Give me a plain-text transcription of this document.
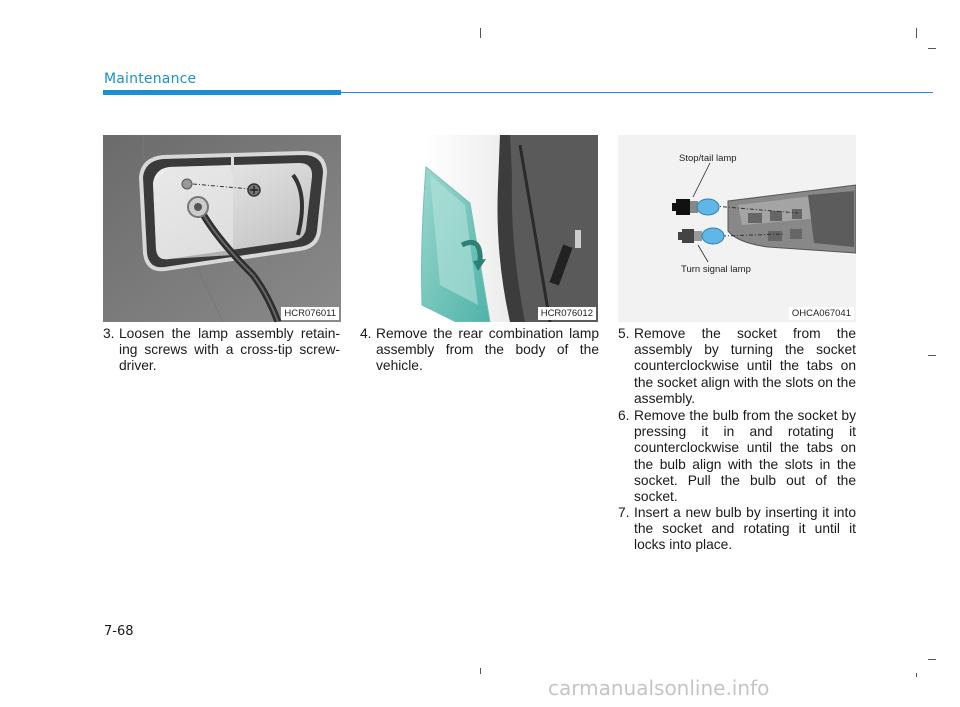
Maintenance
HCR076011	HCR076012
Stop/tail lamp
Turn signal lamp
OHCA067041
3. Loosen the lamp assembly retain-ing screws with a cross-tip screw-driver.
4. Remove the rear combination lamp assembly from the body of the vehicle.
5. Remove the socket from the assembly by turning the socket counterclockwise until the tabs on the socket align with the slots on the assembly.
6. Remove the bulb from the socket by pressing it in and rotating it counterclockwise until the tabs on the bulb align with the slots in the socket. Pull the bulb out of the socket.
7. Insert a new bulb by inserting it into the socket and rotating it until it locks into place.
7-68
carmanualsonline.info
